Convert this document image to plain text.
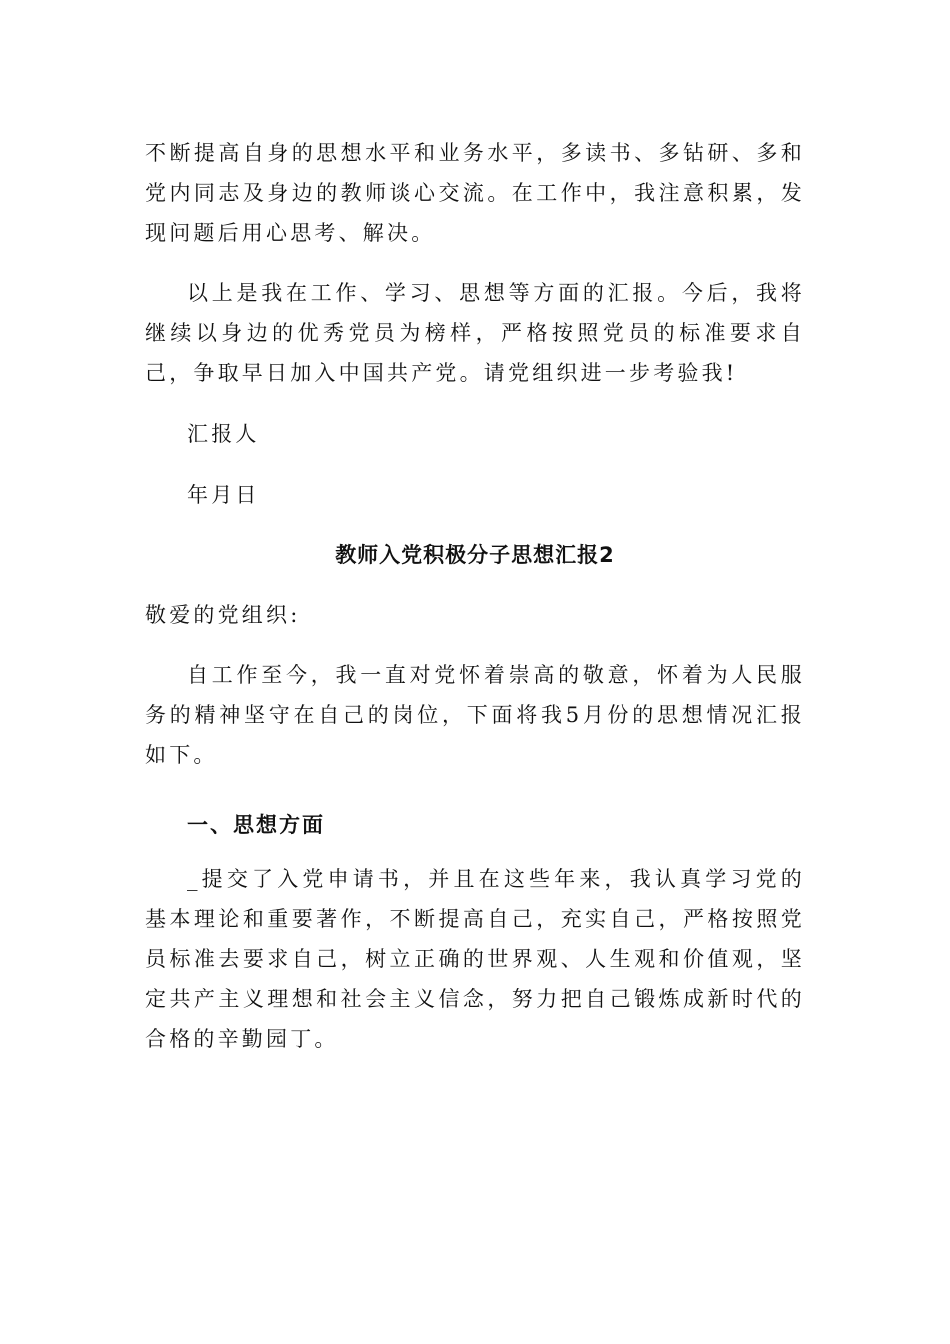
不断提高自身的思想水平和业务水平，多读书、多钻研、多和党内同志及身边的教师谈心交流。在工作中，我注意积累，发现问题后用心思考、解决。

以上是我在工作、学习、思想等方面的汇报。今后，我将继续以身边的优秀党员为榜样，严格按照党员的标准要求自己，争取早日加入中国共产党。请党组织进一步考验我!

汇报人

年月日

教师入党积极分子思想汇报2

敬爱的党组织:

自工作至今，我一直对党怀着崇高的敬意，怀着为人民服务的精神坚守在自己的岗位，下面将我5月份的思想情况汇报如下。

一、思想方面

_提交了入党申请书，并且在这些年来，我认真学习党的基本理论和重要著作，不断提高自己，充实自己，严格按照党员标准去要求自己，树立正确的世界观、人生观和价值观，坚定共产主义理想和社会主义信念，努力把自己锻炼成新时代的合格的辛勤园丁。
